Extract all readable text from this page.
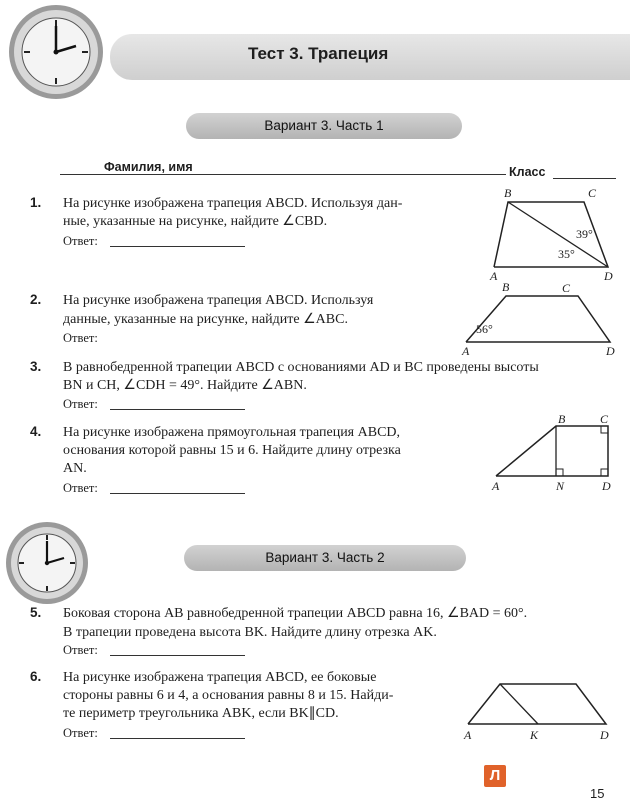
Тест 3. Трапеция
Вариант 3. Часть 1
Фамилия, имя	Класс
1. На рисунке изображена трапеция ABCD. Используя дан-
ные, указанные на рисунке, найдите ∠CBD.
Ответ:
B	C
A	D
39°
35°
2. На рисунке изображена трапеция ABCD. Используя
данные, указанные на рисунке, найдите ∠ABC.
Ответ:
B	C
A	D
56°
3. В равнобедренной трапеции ABCD с основаниями AD и BC проведены высоты
BN и CH, ∠CDH = 49°. Найдите ∠ABN.
Ответ:
4. На рисунке изображена прямоугольная трапеция ABCD,
основания которой равны 15 и 6. Найдите длину отрезка
AN.
Ответ:
B	C
A	N	D
Вариант 3. Часть 2
5. Боковая сторона AB равнобедренной трапеции ABCD равна 16, ∠BAD = 60°.
В трапеции проведена высота BK. Найдите длину отрезка AK.
Ответ:
6. На рисунке изображена трапеция ABCD, ее боковые
стороны равны 6 и 4, а основания равны 8 и 15. Найди-
те периметр треугольника ABK, если BK∥CD.
Ответ:	A	K	D
Л
15
